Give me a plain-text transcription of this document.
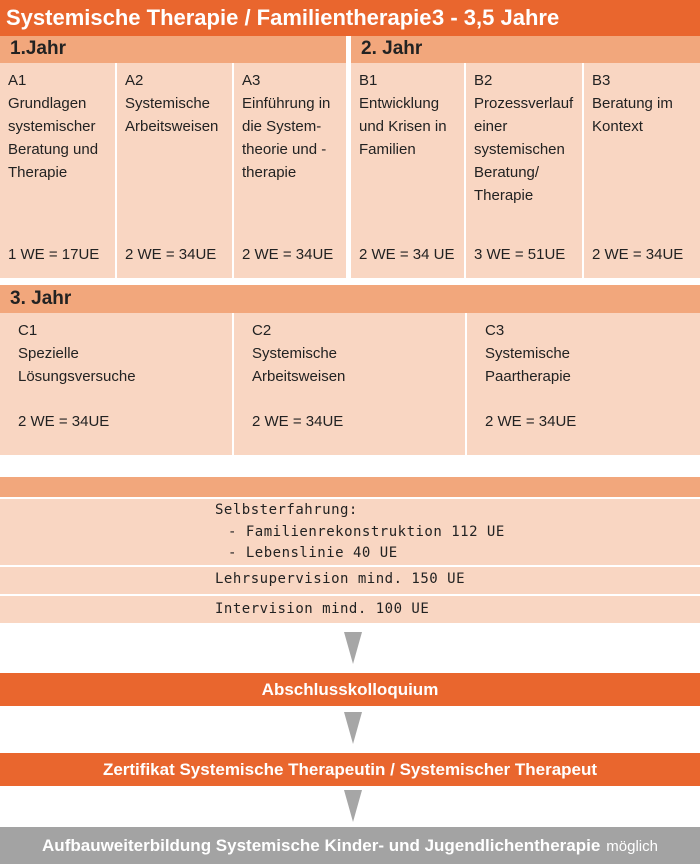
Systemische Therapie / Familientherapie 3 - 3,5 Jahre
1.Jahr	2. Jahr
A1
Grundlagen
systemischer
Beratung und
Therapie
1 WE = 17UE
A2
Systemische
Arbeitsweisen
2 WE = 34UE
A3
Einführung in
die System-
theorie und -
therapie
2 WE = 34UE
B1
Entwicklung
und Krisen in
Familien
2 WE = 34 UE
B2
Prozessverlauf
einer
systemischen
Beratung/
Therapie
3 WE = 51UE
B3
Beratung im
Kontext
2 WE = 34UE
3. Jahr
C1
Spezielle
Lösungsversuche
2 WE = 34UE
C2
Systemische
Arbeitsweisen
2 WE = 34UE
C3
Systemische
Paartherapie
2 WE = 34UE
Selbsterfahrung:
- Familienrekonstruktion 112 UE
- Lebenslinie 40 UE
Lehrsupervision mind. 150 UE
Intervision mind. 100 UE
Abschlusskolloquium
Zertifikat Systemische Therapeutin / Systemischer Therapeut
Aufbauweiterbildung Systemische Kinder- und Jugendlichentherapie möglich
